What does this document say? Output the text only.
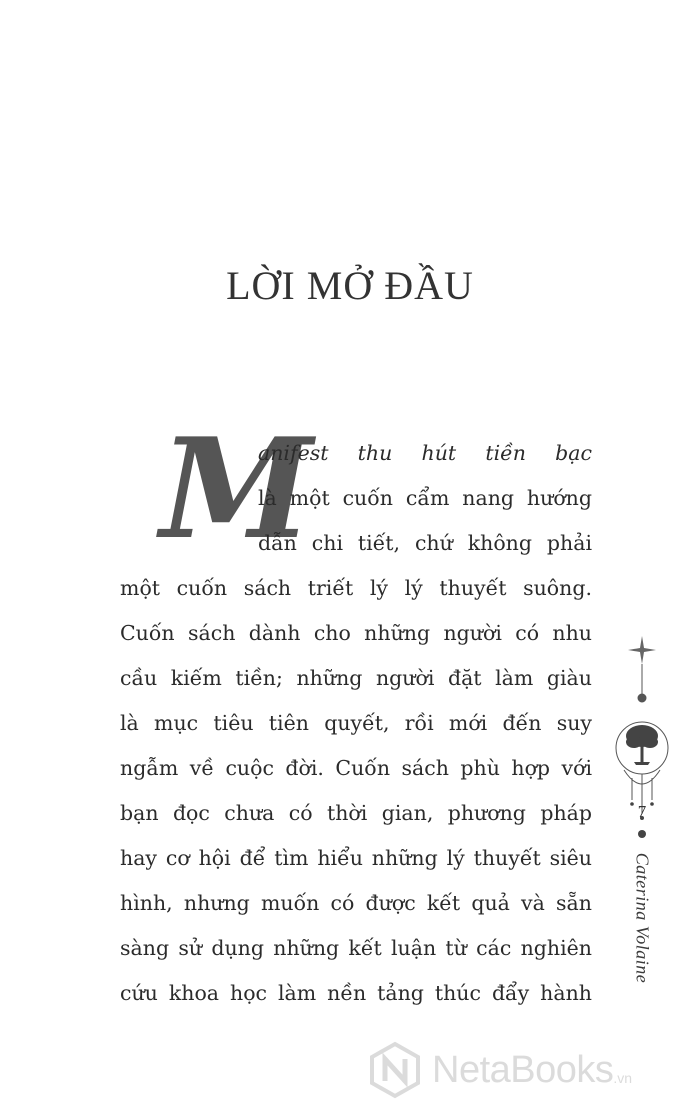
LỜI MỞ ĐẦU
M
anifest thu hút tiền bạc
là một cuốn cẩm nang hướng
dẫn chi tiết, chứ không phải
một cuốn sách triết lý lý thuyết suông.
Cuốn sách dành cho những người có nhu
cầu kiếm tiền; những người đặt làm giàu
là mục tiêu tiên quyết, rồi mới đến suy
ngẫm về cuộc đời. Cuốn sách phù hợp với
bạn đọc chưa có thời gian, phương pháp
hay cơ hội để tìm hiểu những lý thuyết siêu
hình, nhưng muốn có được kết quả và sẵn
sàng sử dụng những kết luận từ các nghiên
cứu khoa học làm nền tảng thúc đẩy hành
7
Caterina Volaine
NetaBooks .vn
